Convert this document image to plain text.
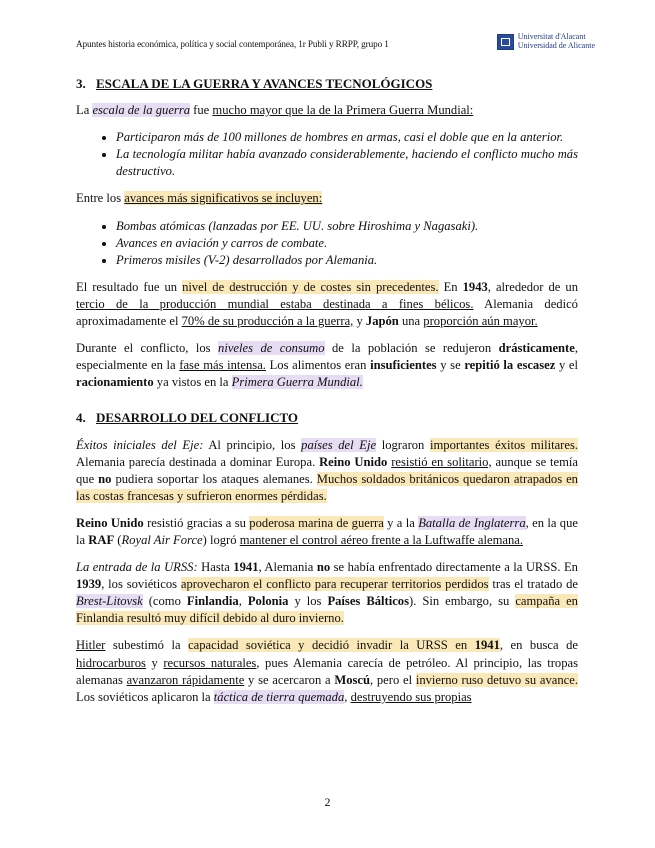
Apuntes historia económica, política y social contemporánea, 1r Publi y RRPP, grupo 1
Universitat d'Alacant
Universidad de Alicante
3. ESCALA DE LA GUERRA Y AVANCES TECNOLÓGICOS

La escala de la guerra fue mucho mayor que la de la Primera Guerra Mundial:

• Participaron más de 100 millones de hombres en armas, casi el doble que en la anterior.
• La tecnología militar había avanzado considerablemente, haciendo el conflicto mucho más destructivo.

Entre los avances más significativos se incluyen:

• Bombas atómicas (lanzadas por EE. UU. sobre Hiroshima y Nagasaki).
• Avances en aviación y carros de combate.
• Primeros misiles (V-2) desarrollados por Alemania.

El resultado fue un nivel de destrucción y de costes sin precedentes. En 1943, alrededor de un tercio de la producción mundial estaba destinada a fines bélicos. Alemania dedicó aproximadamente el 70% de su producción a la guerra, y Japón una proporción aún mayor.

Durante el conflicto, los niveles de consumo de la población se redujeron drásticamente, especialmente en la fase más intensa. Los alimentos eran insuficientes y se repitió la escasez y el racionamiento ya vistos en la Primera Guerra Mundial.

4. DESARROLLO DEL CONFLICTO

Éxitos iniciales del Eje: Al principio, los países del Eje lograron importantes éxitos militares. Alemania parecía destinada a dominar Europa. Reino Unido resistió en solitario, aunque se temía que no pudiera soportar los ataques alemanes. Muchos soldados británicos quedaron atrapados en las costas francesas y sufrieron enormes pérdidas.

Reino Unido resistió gracias a su poderosa marina de guerra y a la Batalla de Inglaterra, en la que la RAF (Royal Air Force) logró mantener el control aéreo frente a la Luftwaffe alemana.

La entrada de la URSS: Hasta 1941, Alemania no se había enfrentado directamente a la URSS. En 1939, los soviéticos aprovecharon el conflicto para recuperar territorios perdidos tras el tratado de Brest-Litovsk (como Finlandia, Polonia y los Países Bálticos). Sin embargo, su campaña en Finlandia resultó muy difícil debido al duro invierno.

Hitler subestimó la capacidad soviética y decidió invadir la URSS en 1941, en busca de hidrocarburos y recursos naturales, pues Alemania carecía de petróleo. Al principio, las tropas alemanas avanzaron rápidamente y se acercaron a Moscú, pero el invierno ruso detuvo su avance. Los soviéticos aplicaron la táctica de tierra quemada, destruyendo sus propias

2
